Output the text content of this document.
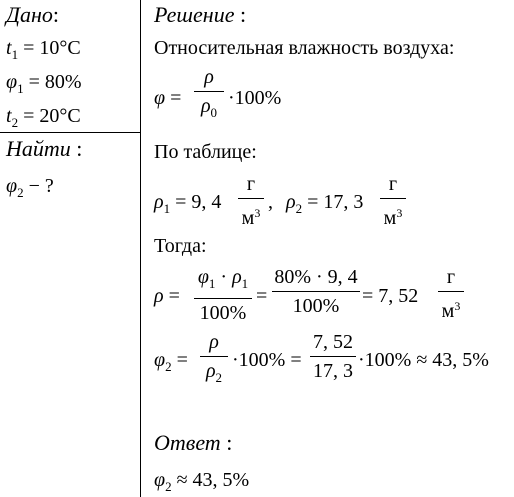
Дано:
$t_1 = 10^\circ C$
$\varphi_1 = 80\%$
$t_2 = 20^\circ C$
Найти :
$\varphi_2$ − ?
Решение :
Относительная влажность воздуха:
φ =
ρ
$\rho_0$
·100%
По таблице:
$\rho_1 = 9$, 4
г
$м^3$ , $\rho_2 = 17$, 3
г
$м^3$
Тогда:
ρ =
$\varphi_1 \cdot \rho_1$
100%
=
80% · 9, 4
100%	= 7, 52
г
$м^3$
$\varphi_2$ =
ρ
$\rho_2$
·100% =
7, 52
17, 3 ·100% ≈ 43, 5%
Ответ :
$\varphi_2 \approx 43$, 5%
